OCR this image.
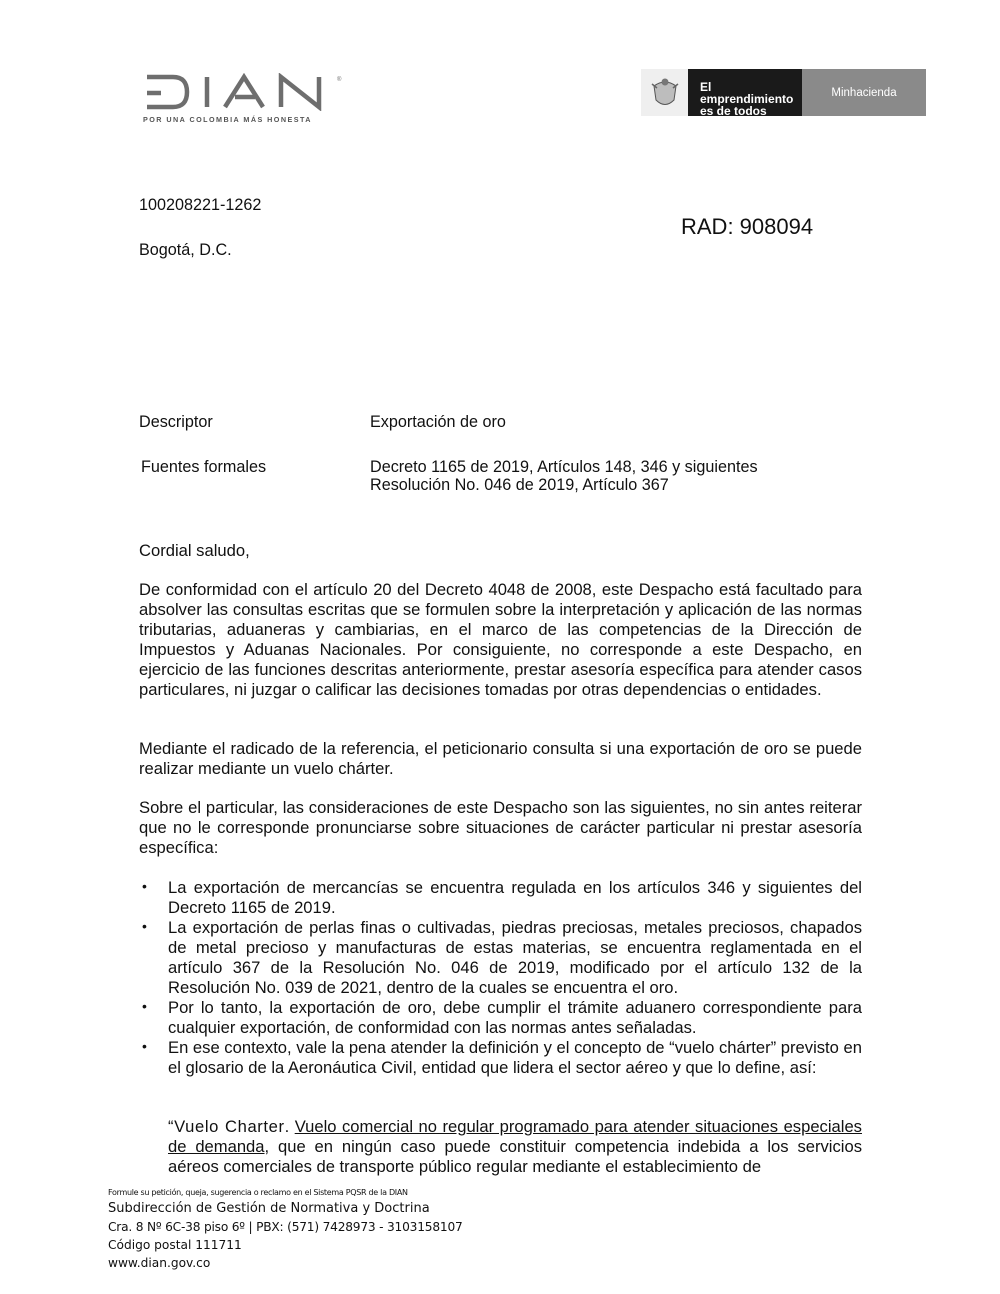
®
POR UNA COLOMBIA MÁS HONESTA
El emprendimiento
es de todos
Minhacienda
100208221-1262
RAD: 908094
Bogotá, D.C.
Descriptor	Exportación de oro
Fuentes formales	Decreto 1165 de 2019, Artículos 148, 346 y siguientes
Resolución No. 046 de 2019, Artículo 367
Cordial saludo,
De conformidad con el artículo 20 del Decreto 4048 de 2008, este Despacho está facultado para absolver las consultas escritas que se formulen sobre la interpretación y aplicación de las normas tributarias, aduaneras y cambiarias, en el marco de las competencias de la Dirección de Impuestos y Aduanas Nacionales. Por consiguiente, no corresponde a este Despacho, en ejercicio de las funciones descritas anteriormente, prestar asesoría específica para atender casos particulares, ni juzgar o calificar las decisiones tomadas por otras dependencias o entidades.
Mediante el radicado de la referencia, el peticionario consulta si una exportación de oro se puede realizar mediante un vuelo chárter.
Sobre el particular, las consideraciones de este Despacho son las siguientes, no sin antes reiterar que no le corresponde pronunciarse sobre situaciones de carácter particular ni prestar asesoría específica:
• La exportación de mercancías se encuentra regulada en los artículos 346 y siguientes del Decreto 1165 de 2019.
• La exportación de perlas finas o cultivadas, piedras preciosas, metales preciosos, chapados de metal precioso y manufacturas de estas materias, se encuentra reglamentada en el artículo 367 de la Resolución No. 046 de 2019, modificado por el artículo 132 de la Resolución No. 039 de 2021, dentro de la cuales se encuentra el oro.
• Por lo tanto, la exportación de oro, debe cumplir el trámite aduanero correspondiente para cualquier exportación, de conformidad con las normas antes señaladas.
• En ese contexto, vale la pena atender la definición y el concepto de “vuelo chárter” previsto en el glosario de la Aeronáutica Civil, entidad que lidera el sector aéreo y que lo define, así:
“Vuelo Charter. Vuelo comercial no regular programado para atender situaciones especiales de demanda, que en ningún caso puede constituir competencia indebida a los servicios aéreos comerciales de transporte público regular mediante el establecimiento de
Formule su petición, queja, sugerencia o reclamo en el Sistema PQSR de la DIAN
Subdirección de Gestión de Normativa y Doctrina
Cra. 8 Nº 6C-38 piso 6º | PBX: (571) 7428973 - 3103158107
Código postal 111711
www.dian.gov.co
